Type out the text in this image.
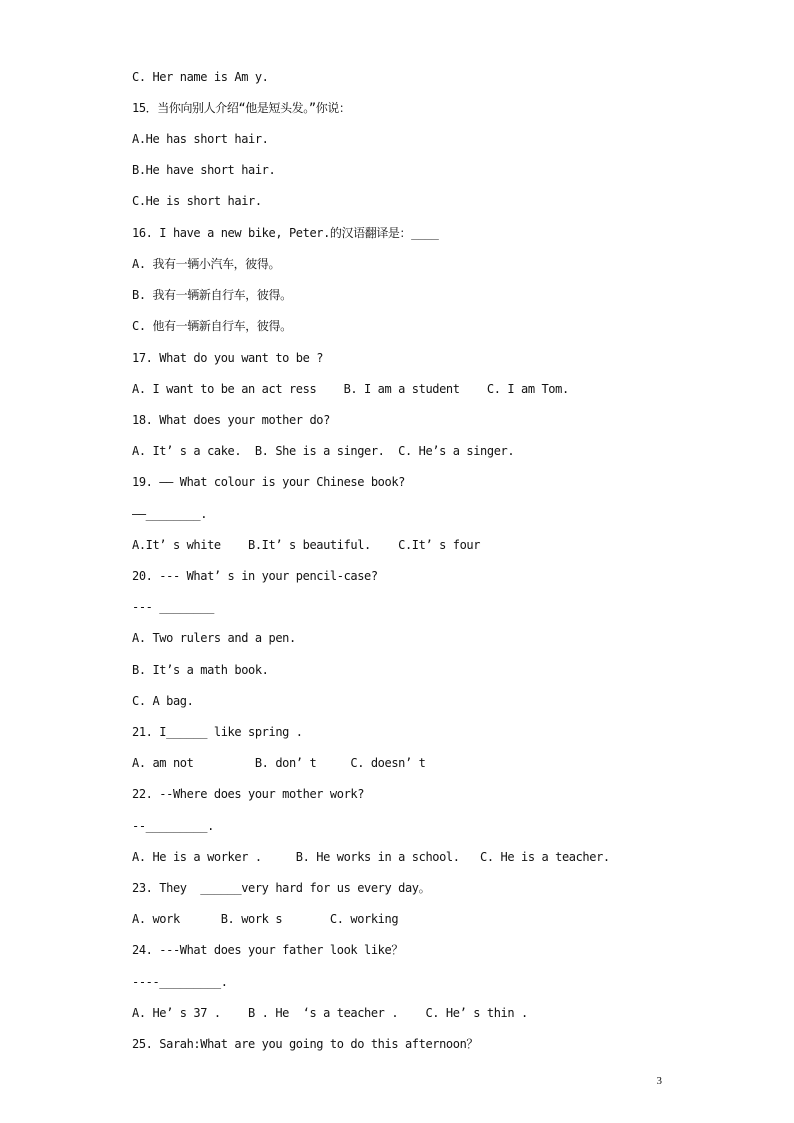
C. Her name is Am y.
15．当你向别人介绍“他是短头发。”你说：
A.He has short hair.
B.He have short hair.
C.He is short hair.
16. I have a new bike, Peter.的汉语翻译是：____
A. 我有一辆小汽车，彼得。
B. 我有一辆新自行车，彼得。
C. 他有一辆新自行车，彼得。
17. What do you want to be ?
A. I want to be an act ress    B. I am a student    C. I am Tom.
18. What does your mother do?
A. It’ s a cake.  B. She is a singer.  C. He’s a singer.
19. —— What colour is your Chinese book?
——________.
A.It’ s white    B.It’ s beautiful.    C.It’ s four
20. --- What’ s in your pencil-case?
--- ________
A. Two rulers and a pen.
B. It’s a math book.
C. A bag.
21. I______ like spring .
A. am not         B. don’ t     C. doesn’ t
22. --Where does your mother work?
--_________.
A. He is a worker .     B. He works in a school.   C. He is a teacher.
23. They  ______very hard for us every day。
A. work      B. work s       C. working
24. ---What does your father look like？
----_________.
A. He’ s 37 .    B . He  ‘s a teacher .    C. He’ s thin .
25. Sarah:What are you going to do this afternoon？
3
